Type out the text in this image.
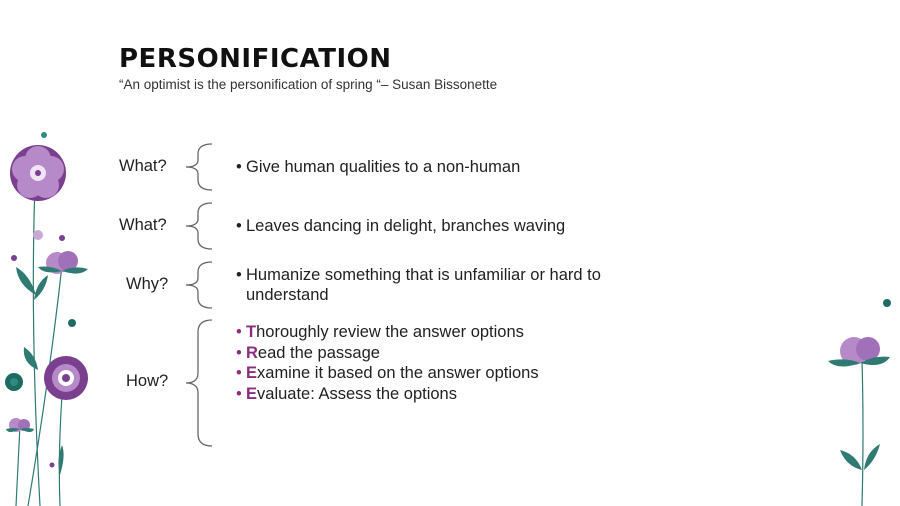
PERSONIFICATION
“An optimist is the personification of spring “– Susan Bissonette
What?	• Give human qualities to a non-human
What?	• Leaves dancing in delight, branches waving
Why?	• Humanize something that is unfamiliar or hard to
understand
How?
• Thoroughly review the answer options
• Read the passage
• Examine it based on the answer options
• Evaluate: Assess the options
